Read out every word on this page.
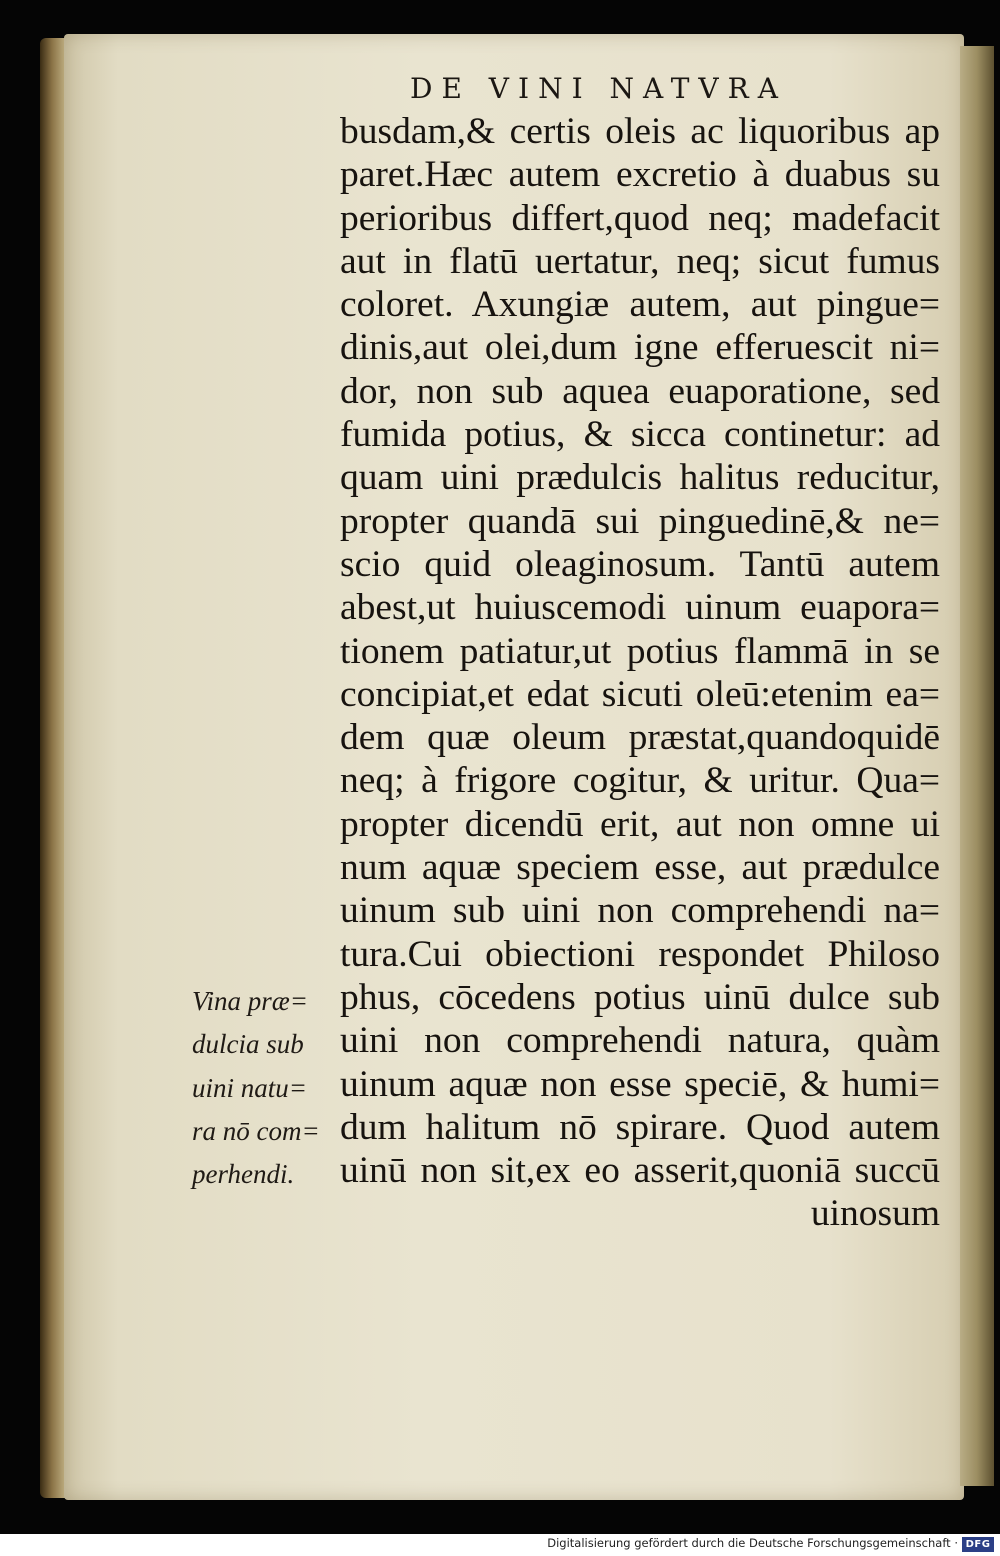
DE VINI NATVRA
busdam,& certis oleis ac liquoribus ap
paret.Hæc autem excretio à duabus su
perioribus differt,quod neq; madefacit
aut in flatū uertatur, neq; sicut fumus
coloret. Axungiæ autem, aut pingue=
dinis,aut olei,dum igne efferuescit ni=
dor, non sub aquea euaporatione, sed
fumida potius, & sicca continetur: ad
quam uini prædulcis halitus reducitur,
propter quandā sui pinguedinē,& ne=
scio quid oleaginosum. Tantū autem
abest,ut huiuscemodi uinum euapora=
tionem patiatur,ut potius flammā in se
concipiat,et edat sicuti oleū:etenim ea=
dem quæ oleum præstat,quandoquidē
neq; à frigore cogitur, & uritur. Qua=
propter dicendū erit, aut non omne ui
num aquæ speciem esse, aut prædulce
uinum sub uini non comprehendi na=
tura.Cui obiectioni respondet Philoso
phus, cōcedens potius uinū dulce sub
uini non comprehendi natura, quàm
uinum aquæ non esse speciē, & humi=
dum halitum nō spirare. Quod autem
uinū non sit,ex eo asserit,quoniā succū
uinosum
Vina præ=
dulcia sub
uini natu=
ra nō com=
perhendi.
Digitalisierung gefördert durch die Deutsche Forschungsgemeinschaft · DFG
